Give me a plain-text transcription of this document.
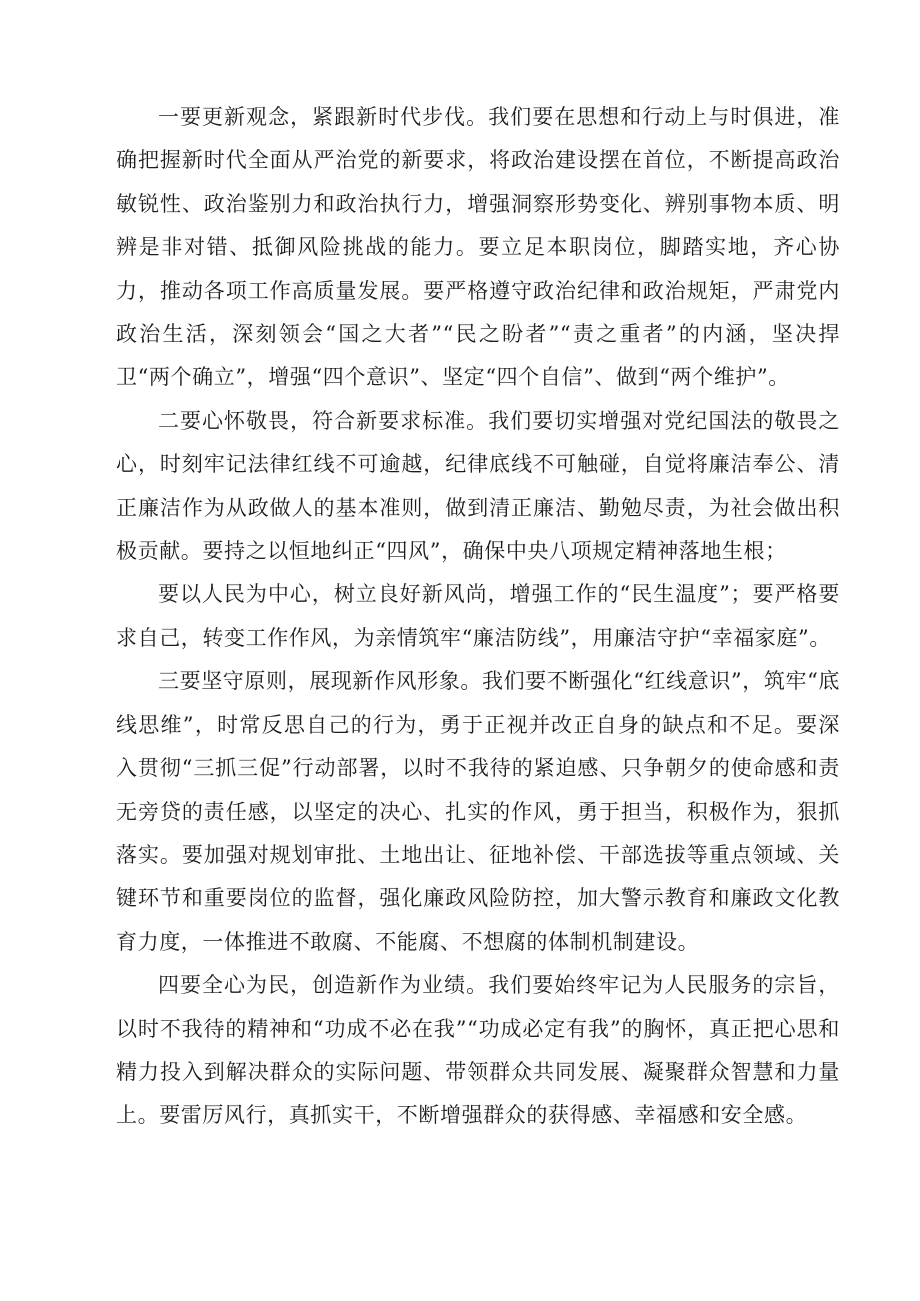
一要更新观念，紧跟新时代步伐。我们要在思想和行动上与时俱进，准确把握新时代全面从严治党的新要求，将政治建设摆在首位，不断提高政治敏锐性、政治鉴别力和政治执行力，增强洞察形势变化、辨别事物本质、明辨是非对错、抵御风险挑战的能力。要立足本职岗位，脚踏实地，齐心协力，推动各项工作高质量发展。要严格遵守政治纪律和政治规矩，严肃党内政治生活，深刻领会“国之大者”“民之盼者”“责之重者”的内涵，坚决捍卫“两个确立”，增强“四个意识”、坚定“四个自信”、做到“两个维护”。

二要心怀敬畏，符合新要求标准。我们要切实增强对党纪国法的敬畏之心，时刻牢记法律红线不可逾越，纪律底线不可触碰，自觉将廉洁奉公、清正廉洁作为从政做人的基本准则，做到清正廉洁、勤勉尽责，为社会做出积极贡献。要持之以恒地纠正“四风”，确保中央八项规定精神落地生根；

要以人民为中心，树立良好新风尚，增强工作的“民生温度”；要严格要求自己，转变工作作风，为亲情筑牢“廉洁防线”，用廉洁守护“幸福家庭”。

三要坚守原则，展现新作风形象。我们要不断强化“红线意识”，筑牢“底线思维”，时常反思自己的行为，勇于正视并改正自身的缺点和不足。要深入贯彻“三抓三促”行动部署，以时不我待的紧迫感、只争朝夕的使命感和责无旁贷的责任感，以坚定的决心、扎实的作风，勇于担当，积极作为，狠抓落实。要加强对规划审批、土地出让、征地补偿、干部选拔等重点领域、关键环节和重要岗位的监督，强化廉政风险防控，加大警示教育和廉政文化教育力度，一体推进不敢腐、不能腐、不想腐的体制机制建设。

四要全心为民，创造新作为业绩。我们要始终牢记为人民服务的宗旨，以时不我待的精神和“功成不必在我”“功成必定有我”的胸怀，真正把心思和精力投入到解决群众的实际问题、带领群众共同发展、凝聚群众智慧和力量上。要雷厉风行，真抓实干，不断增强群众的获得感、幸福感和安全感。
